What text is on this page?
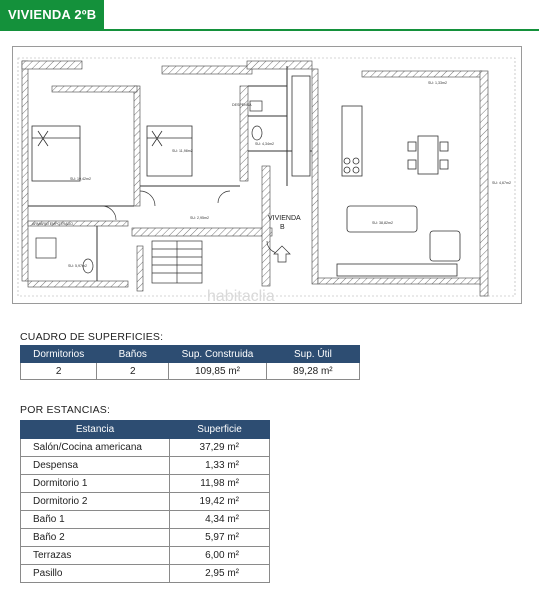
VIVIENDA 2ºB
SU: 19,42m2
SU: 11,98m2
SU: 4,34m2
SU: 38,82m2
SU: 1,33m2
SU: 4,67m2
SU: 2,95m2
SU: 5,97m2
ARMARIO EMPOTRADO
DESPENSA
VIVIENDA
B
habitaclia
CUADRO DE SUPERFICIES:
Dormitorios	Baños	Sup. Construida	Sup. Útil
2	2	109,85 m²	89,28 m²
POR ESTANCIAS:
Estancia	Superficie
Salón/Cocina americana	37,29 m²
Despensa	1,33 m²
Dormitorio 1	11,98 m²
Dormitorio 2	19,42 m²
Baño 1	4,34 m²
Baño 2	5,97 m²
Terrazas	6,00 m²
Pasillo	2,95 m²
